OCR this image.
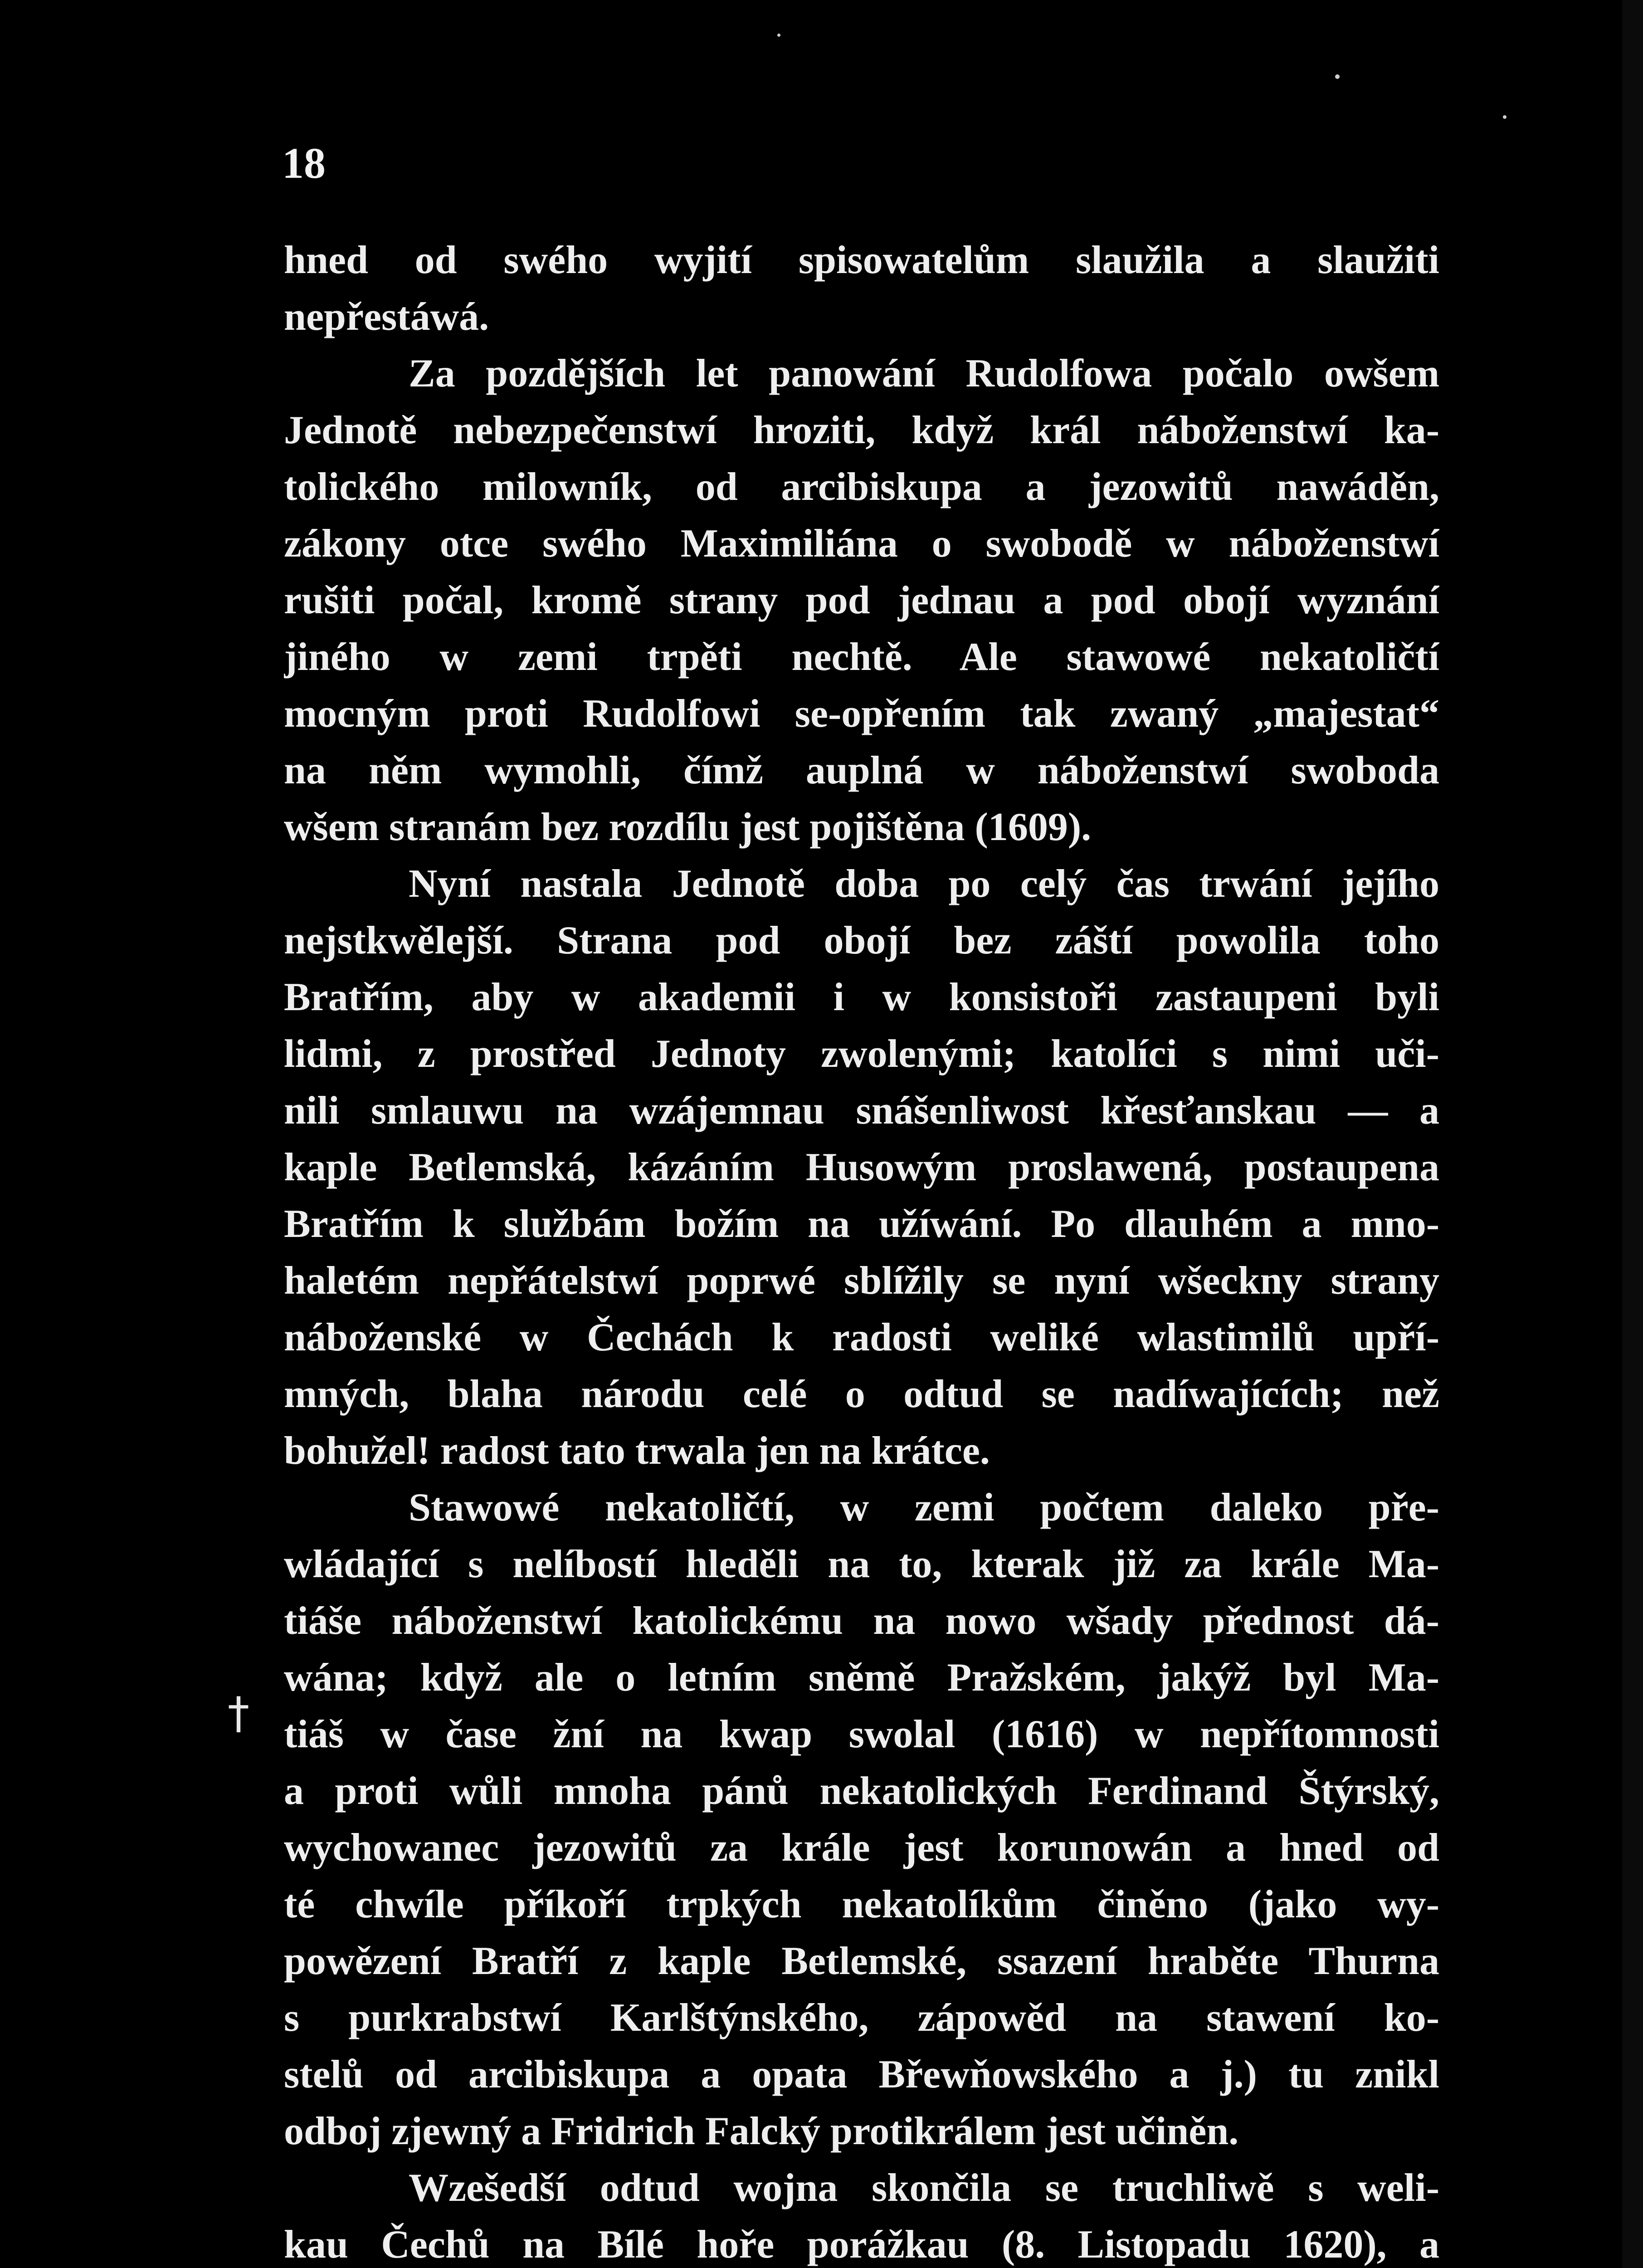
18
†
hned od swého wyjití spisowatelům slaužila a slaužiti
nepřestáwá.
Za pozdějších let panowání Rudolfowa počalo owšem
Jednotě nebezpečenstwí hroziti, když král náboženstwí ka-
tolického milowník, od arcibiskupa a jezowitů nawáděn,
zákony otce swého Maximiliána o swobodě w náboženstwí
rušiti počal, kromě strany pod jednau a pod obojí wyznání
jiného w zemi trpěti nechtě. Ale stawowé nekatoličtí
mocným proti Rudolfowi se-opřením tak zwaný „majestat“
na něm wymohli, čímž auplná w náboženstwí swoboda
wšem stranám bez rozdílu jest pojištěna (1609).
Nyní nastala Jednotě doba po celý čas trwání jejího
nejstkwělejší. Strana pod obojí bez záští powolila toho
Bratřím, aby w akademii i w konsistoři zastaupeni byli
lidmi, z prostřed Jednoty zwolenými; katolíci s nimi uči-
nili smlauwu na wzájemnau snášenliwost křesťanskau — a
kaple Betlemská, kázáním Husowým proslawená, postaupena
Bratřím k službám božím na užíwání. Po dlauhém a mno-
haletém nepřátelstwí poprwé sblížily se nyní wšeckny strany
náboženské w Čechách k radosti weliké wlastimilů upří-
mných, blaha národu celé o odtud se nadíwajících; než
bohužel! radost tato trwala jen na krátce.
Stawowé nekatoličtí, w zemi počtem daleko pře-
wládající s nelíbostí hleděli na to, kterak již za krále Ma-
tiáše náboženstwí katolickému na nowo wšady přednost dá-
wána; když ale o letním sněmě Pražském, jakýž byl Ma-
tiáš w čase žní na kwap swolal (1616) w nepřítomnosti
a proti wůli mnoha pánů nekatolických Ferdinand Štýrský,
wychowanec jezowitů za krále jest korunowán a hned od
té chwíle příkoří trpkých nekatolíkům činěno (jako wy-
powězení Bratří z kaple Betlemské, ssazení hraběte Thurna
s purkrabstwí Karlštýnského, zápowěd na stawení ko-
stelů od arcibiskupa a opata Břewňowského a j.) tu znikl
odboj zjewný a Fridrich Falcký protikrálem jest učiněn.
Wzešedší odtud wojna skončila se truchliwě s weli-
kau Čechů na Bílé hoře porážkau (8. Listopadu 1620), a
